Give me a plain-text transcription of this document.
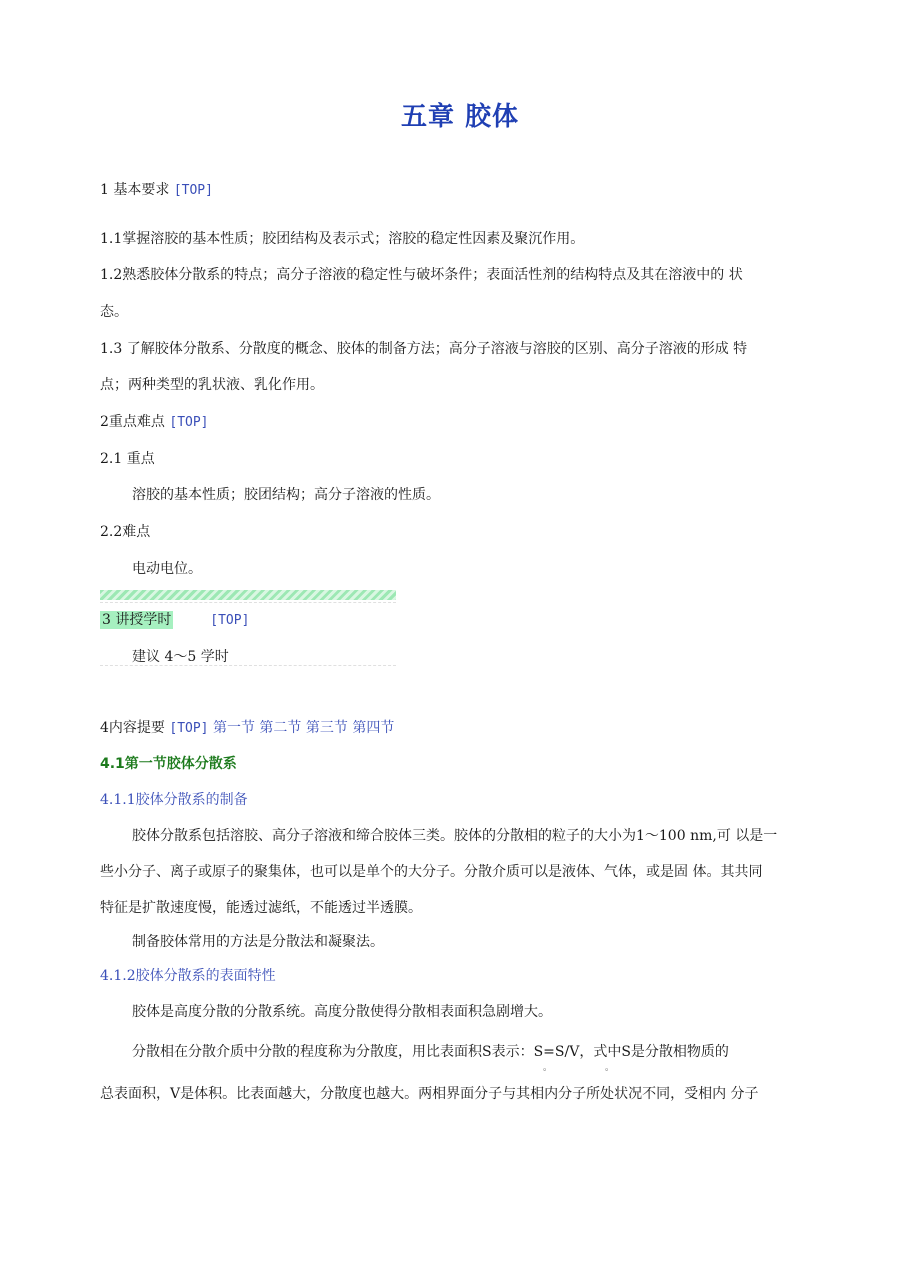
五章 胶体
1 基本要求 [TOP]
1.1掌握溶胶的基本性质；胶团结构及表示式；溶胶的稳定性因素及聚沉作用。
1.2熟悉胶体分散系的特点；高分子溶液的稳定性与破坏条件；表面活性剂的结构特点及其在溶液中的 状
态。
1.3 了解胶体分散系、分散度的概念、胶体的制备方法；高分子溶液与溶胶的区别、高分子溶液的形成 特
点；两种类型的乳状液、乳化作用。
2重点难点 [TOP]
2.1 重点
溶胶的基本性质；胶团结构；高分子溶液的性质。
2.2难点
电动电位。
3 讲授学时	[TOP]
建议 4～5 学时
4内容提要 [TOP] 第一节 第二节 第三节 第四节
4.1第一节胶体分散系
4.1.1胶体分散系的制备
胶体分散系包括溶胶、高分子溶液和缔合胶体三类。胶体的分散相的粒子的大小为1～100 nm,可 以是一
些小分子、离子或原子的聚集体，也可以是单个的大分子。分散介质可以是液体、气体，或是固 体。其共同
特征是扩散速度慢，能透过滤纸，不能透过半透膜。
制备胶体常用的方法是分散法和凝聚法。
4.1.2胶体分散系的表面特性
胶体是高度分散的分散系统。高度分散使得分散相表面积急剧增大。
分散相在分散介质中分散的程度称为分散度，用比表面积S表示：S=S/V，式中S是分散相物质的
。	。
总表面积，V是体积。比表面越大，分散度也越大。两相界面分子与其相内分子所处状况不同，受相内 分子
